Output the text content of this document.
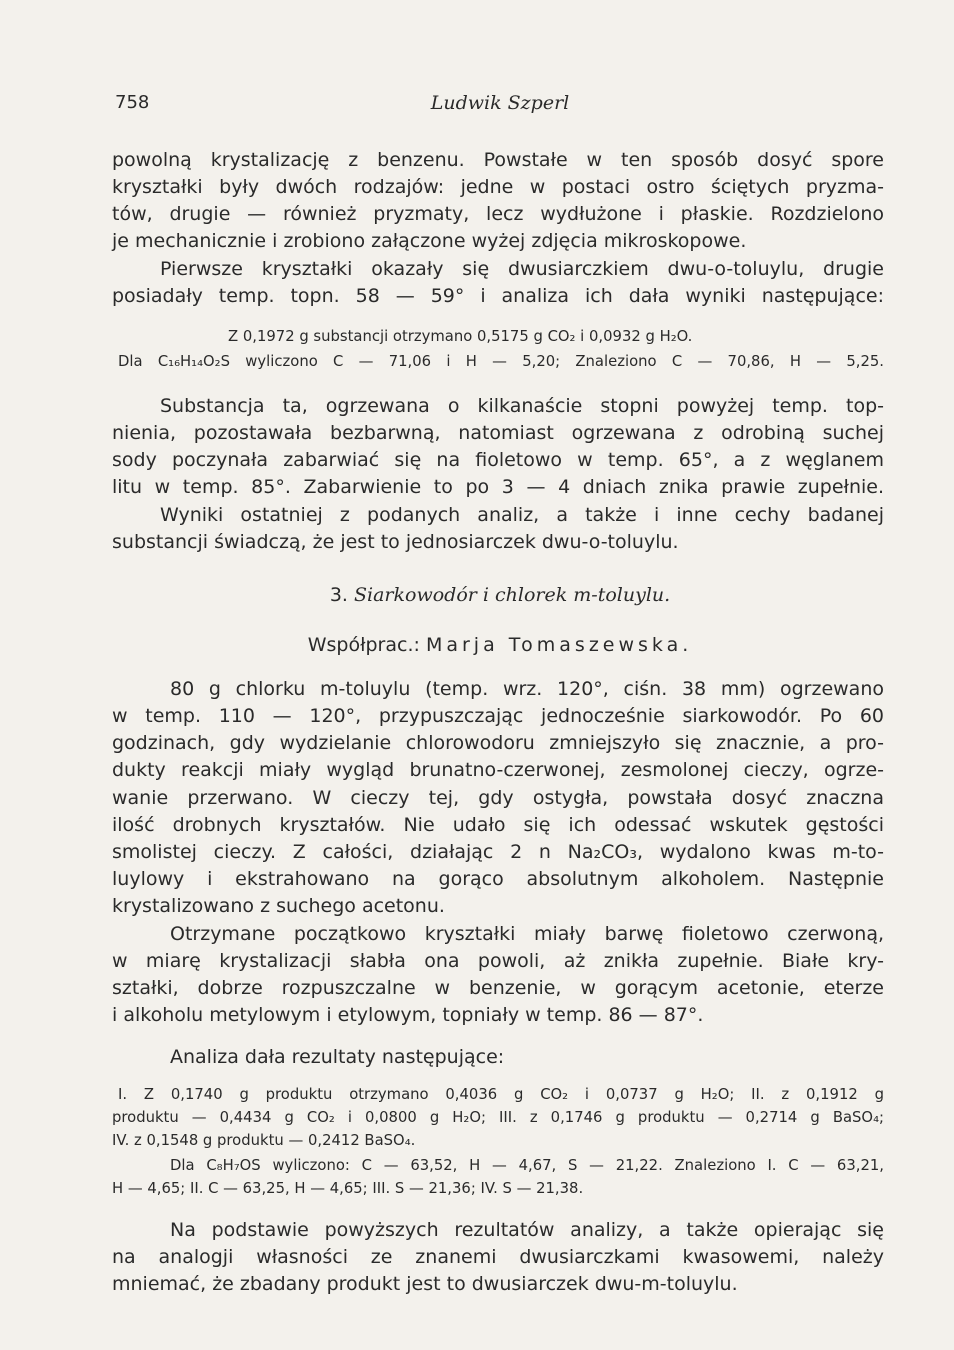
758	Ludwik Szperl
powolną krystalizację z benzenu. Powstałe w ten sposób dosyć spore
kryształki były dwóch rodzajów: jedne w postaci ostro ściętych pryzma-
tów, drugie — również pryzmaty, lecz wydłużone i płaskie. Rozdzielono
je mechanicznie i zrobiono załączone wyżej zdjęcia mikroskopowe.
Pierwsze kryształki okazały się dwusiarczkiem dwu-o-toluylu, drugie
posiadały temp. topn. 58 — 59° i analiza ich dała wyniki następujące:
Z 0,1972 g substancji otrzymano 0,5175 g CO₂ i 0,0932 g H₂O.
Dla C₁₆H₁₄O₂S wyliczono C — 71,06 i H — 5,20; Znaleziono C — 70,86, H — 5,25.
Substancja ta, ogrzewana o kilkanaście stopni powyżej temp. top-
nienia, pozostawała bezbarwną, natomiast ogrzewana z odrobiną suchej
sody poczynała zabarwiać się na fioletowo w temp. 65°, a z węglanem
litu w temp. 85°. Zabarwienie to po 3 — 4 dniach znika prawie zupełnie.
Wyniki ostatniej z podanych analiz, a także i inne cechy badanej
substancji świadczą, że jest to jednosiarczek dwu-o-toluylu.
3. Siarkowodór i chlorek m-toluylu.
Współprac.: Marja Tomaszewska.
80 g chlorku m-toluylu (temp. wrz. 120°, ciśn. 38 mm) ogrzewano
w temp. 110 — 120°, przypuszczając jednocześnie siarkowodór. Po 60
godzinach, gdy wydzielanie chlorowodoru zmniejszyło się znacznie, a pro-
dukty reakcji miały wygląd brunatno-czerwonej, zesmolonej cieczy, ogrze-
wanie przerwano. W cieczy tej, gdy ostygła, powstała dosyć znaczna
ilość drobnych kryształów. Nie udało się ich odessać wskutek gęstości
smolistej cieczy. Z całości, działając 2 n Na₂CO₃, wydalono kwas m-to-
luylowy i ekstrahowano na gorąco absolutnym alkoholem. Następnie
krystalizowano z suchego acetonu.
Otrzymane początkowo kryształki miały barwę fioletowo czerwoną,
w miarę krystalizacji słabła ona powoli, aż znikła zupełnie. Białe kry-
ształki, dobrze rozpuszczalne w benzenie, w gorącym acetonie, eterze
i alkoholu metylowym i etylowym, topniały w temp. 86 — 87°.
Analiza dała rezultaty następujące:
I. Z 0,1740 g produktu otrzymano 0,4036 g CO₂ i 0,0737 g H₂O; II. z 0,1912 g
produktu — 0,4434 g CO₂ i 0,0800 g H₂O; III. z 0,1746 g produktu — 0,2714 g BaSO₄;
IV. z 0,1548 g produktu — 0,2412 BaSO₄.
Dla C₈H₇OS wyliczono: C — 63,52, H — 4,67, S — 21,22. Znaleziono I. C — 63,21,
H — 4,65; II. C — 63,25, H — 4,65; III. S — 21,36; IV. S — 21,38.
Na podstawie powyższych rezultatów analizy, a także opierając się
na analogji własności ze znanemi dwusiarczkami kwasowemi, należy
mniemać, że zbadany produkt jest to dwusiarczek dwu-m-toluylu.
